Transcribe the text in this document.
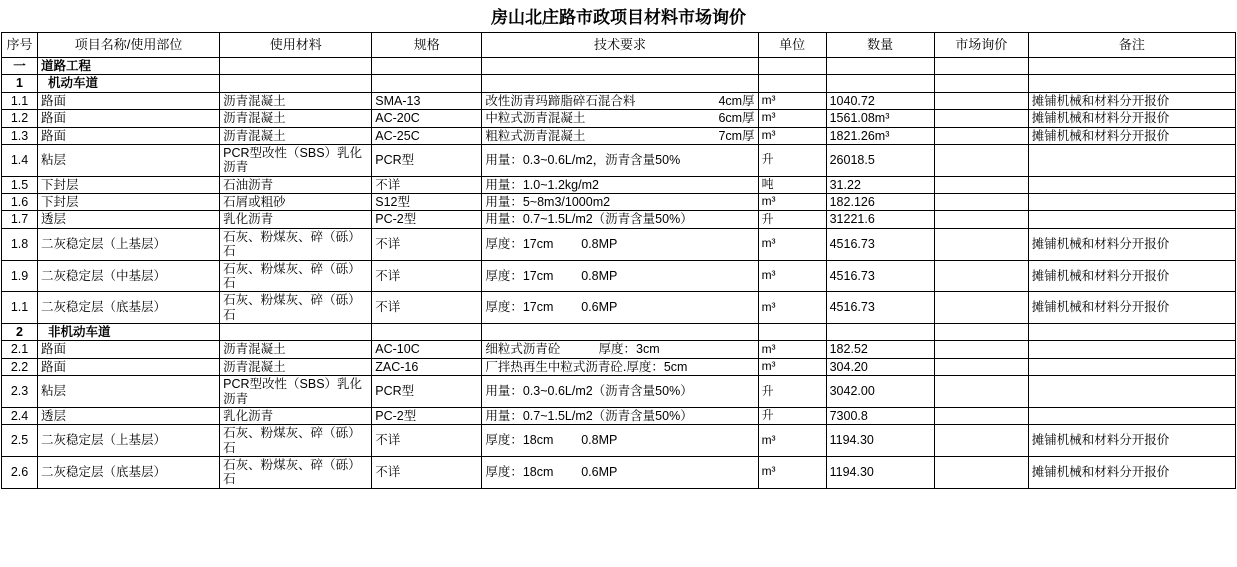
房山北庄路市政项目材料市场询价
序号	项目名称/使用部位	使用材料	规格	技术要求	单位	数量	市场询价	备注
一	道路工程							
1	机动车道							
1.1	路面	沥青混凝土	SMA-13	改性沥青玛蹄脂碎石混合料 4cm厚	m³	1040.72		摊铺机械和材料分开报价
1.2	路面	沥青混凝土	AC-20C	中粒式沥青混凝土 6cm厚	m³	1561.08m³		摊铺机械和材料分开报价
1.3	路面	沥青混凝土	AC-25C	粗粒式沥青混凝土 7cm厚	m³	1821.26m³		摊铺机械和材料分开报价
1.4	粘层	PCR型改性（SBS）乳化沥青	PCR型	用量：0.3~0.6L/m2，沥青含量50%	升	26018.5		
1.5	下封层	石油沥青	不详	用量：1.0~1.2kg/m2	吨	31.22		
1.6	下封层	石屑或粗砂	S12型	用量：5~8m3/1000m2	m³	182.126		
1.7	透层	乳化沥青	PC-2型	用量：0.7~1.5L/m2（沥青含量50%）	升	31221.6		
1.8	二灰稳定层（上基层）	石灰、粉煤灰、碎（砾）石	不详	厚度：17cm        0.8MP	m³	4516.73		摊铺机械和材料分开报价
1.9	二灰稳定层（中基层）	石灰、粉煤灰、碎（砾）石	不详	厚度：17cm        0.8MP	m³	4516.73		摊铺机械和材料分开报价
1.1	二灰稳定层（底基层）	石灰、粉煤灰、碎（砾）石	不详	厚度：17cm        0.6MP	m³	4516.73		摊铺机械和材料分开报价
2	非机动车道							
2.1	路面	沥青混凝土	AC-10C	细粒式沥青砼           厚度：3cm	m³	182.52		
2.2	路面	沥青混凝土	ZAC-16	厂拌热再生中粒式沥青砼.厚度：5cm	m³	304.20		
2.3	粘层	PCR型改性（SBS）乳化沥青	PCR型	用量：0.3~0.6L/m2（沥青含量50%）	升	3042.00		
2.4	透层	乳化沥青	PC-2型	用量：0.7~1.5L/m2（沥青含量50%）	升	7300.8		
2.5	二灰稳定层（上基层）	石灰、粉煤灰、碎（砾）石	不详	厚度：18cm        0.8MP	m³	1194.30		摊铺机械和材料分开报价
2.6	二灰稳定层（底基层）	石灰、粉煤灰、碎（砾）石	不详	厚度：18cm        0.6MP	m³	1194.30		摊铺机械和材料分开报价
